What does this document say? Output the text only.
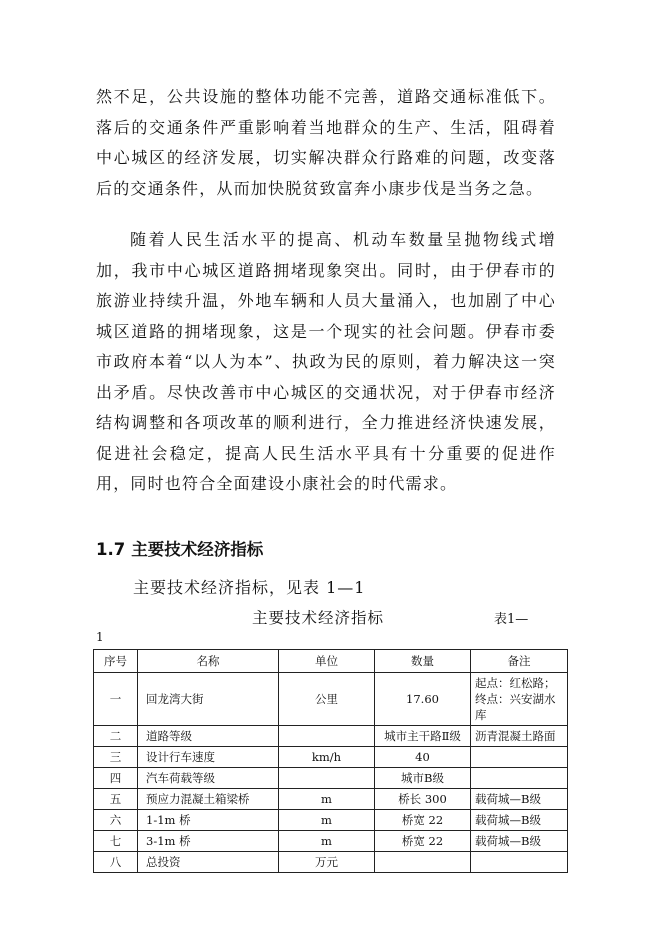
然不足，公共设施的整体功能不完善，道路交通标准低下。落后的交通条件严重影响着当地群众的生产、生活，阻碍着中心城区的经济发展，切实解决群众行路难的问题，改变落后的交通条件，从而加快脱贫致富奔小康步伐是当务之急。

随着人民生活水平的提高、机动车数量呈抛物线式增加，我市中心城区道路拥堵现象突出。同时，由于伊春市的旅游业持续升温，外地车辆和人员大量涌入，也加剧了中心城区道路的拥堵现象，这是一个现实的社会问题。伊春市委市政府本着“以人为本”、执政为民的原则，着力解决这一突出矛盾。尽快改善市中心城区的交通状况，对于伊春市经济结构调整和各项改革的顺利进行，全力推进经济快速发展，促进社会稳定，提高人民生活水平具有十分重要的促进作用，同时也符合全面建设小康社会的时代需求。

1.7 主要技术经济指标

主要技术经济指标，见表 1—1

主要技术经济指标	表1—
1
序号	名称	单位	数量	备注
一	回龙湾大街	公里	17.60	起点：红松路；终点：兴安湖水库
二	道路等级		城市主干路Ⅱ级	沥青混凝土路面
三	设计行车速度	km/h	40	
四	汽车荷载等级		城市B级	
五	预应力混凝土箱梁桥	m	桥长 300	载荷城—B级
六	1-1m 桥	m	桥宽 22	载荷城—B级
七	3-1m 桥	m	桥宽 22	载荷城—B级
八	总投资	万元		
